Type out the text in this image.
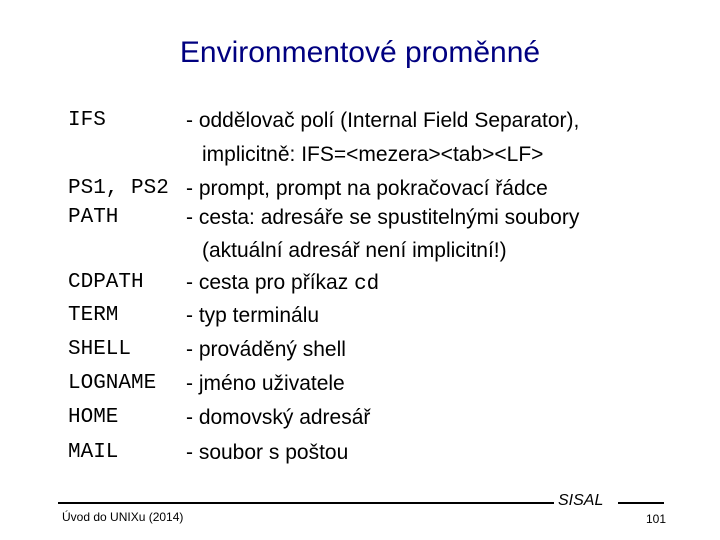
Environmentové proměnné
IFS	- oddělovač polí (Internal Field Separator),
implicitně: IFS=<mezera><tab><LF>
PS1, PS2 - prompt, prompt na pokračovací řádce
PATH	- cesta: adresáře se spustitelnými soubory
(aktuální adresář není implicitní!)
CDPATH - cesta pro příkaz cd
TERM	- typ terminálu
SHELL	- prováděný shell
LOGNAME - jméno uživatele
HOME	- domovský adresář
MAIL	- soubor s poštou
Úvod do UNIXu (2014)
SISAL
101
